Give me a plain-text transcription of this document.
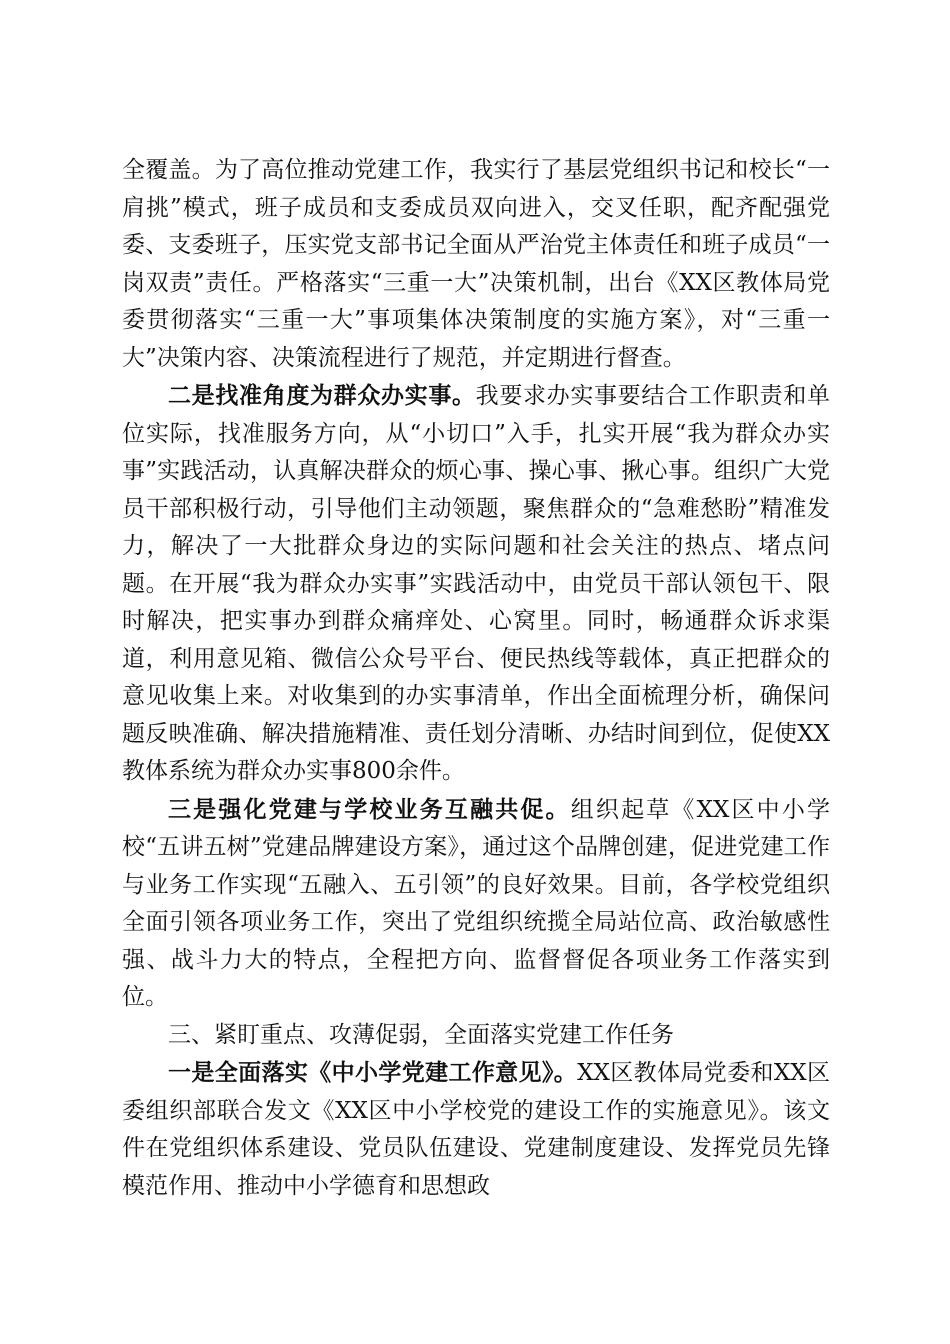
全覆盖。为了高位推动党建工作，我实行了基层党组织书记和校长“一肩挑”模式，班子成员和支委成员双向进入，交叉任职，配齐配强党委、支委班子，压实党支部书记全面从严治党主体责任和班子成员“一岗双责”责任。严格落实“三重一大”决策机制，出台《XX区教体局党委贯彻落实“三重一大”事项集体决策制度的实施方案》，对“三重一大”决策内容、决策流程进行了规范，并定期进行督查。

二是找准角度为群众办实事。我要求办实事要结合工作职责和单位实际，找准服务方向，从“小切口”入手，扎实开展“我为群众办实事”实践活动，认真解决群众的烦心事、操心事、揪心事。组织广大党员干部积极行动，引导他们主动领题，聚焦群众的“急难愁盼”精准发力，解决了一大批群众身边的实际问题和社会关注的热点、堵点问题。在开展“我为群众办实事”实践活动中，由党员干部认领包干、限时解决，把实事办到群众痛痒处、心窝里。同时，畅通群众诉求渠道，利用意见箱、微信公众号平台、便民热线等载体，真正把群众的意见收集上来。对收集到的办实事清单，作出全面梳理分析，确保问题反映准确、解决措施精准、责任划分清晰、办结时间到位，促使XX教体系统为群众办实事800余件。

三是强化党建与学校业务互融共促。组织起草《XX区中小学校“五讲五树”党建品牌建设方案》，通过这个品牌创建，促进党建工作与业务工作实现“五融入、五引领”的良好效果。目前，各学校党组织全面引领各项业务工作，突出了党组织统揽全局站位高、政治敏感性强、战斗力大的特点，全程把方向、监督督促各项业务工作落实到位。

三、紧盯重点、攻薄促弱，全面落实党建工作任务

一是全面落实《中小学党建工作意见》。XX区教体局党委和XX区委组织部联合发文《XX区中小学校党的建设工作的实施意见》。该文件在党组织体系建设、党员队伍建设、党建制度建设、发挥党员先锋模范作用、推动中小学德育和思想政
